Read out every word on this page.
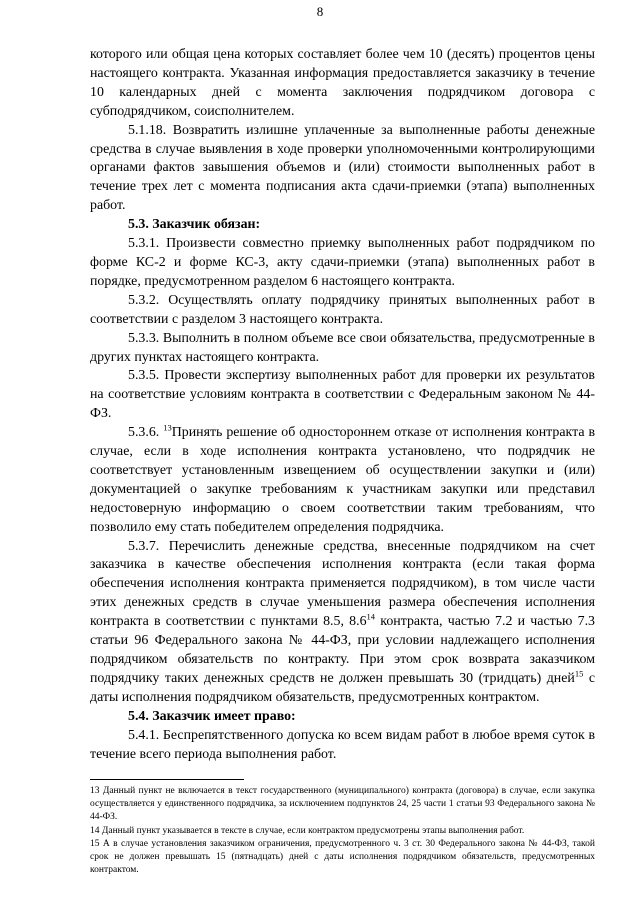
8

которого или общая цена которых составляет более чем 10 (десять) процентов цены настоящего контракта. Указанная информация предоставляется заказчику в течение 10 календарных дней с момента заключения подрядчиком договора с субподрядчиком, соисполнителем.

5.1.18. Возвратить излишне уплаченные за выполненные работы денежные средства в случае выявления в ходе проверки уполномоченными контролирующими органами фактов завышения объемов и (или) стоимости выполненных работ в течение трех лет с момента подписания акта сдачи-приемки (этапа) выполненных работ.

5.3. Заказчик обязан:

5.3.1. Произвести совместно приемку выполненных работ подрядчиком по форме КС-2 и форме КС-3, акту сдачи-приемки (этапа) выполненных работ в порядке, предусмотренном разделом 6 настоящего контракта.

5.3.2. Осуществлять оплату подрядчику принятых выполненных работ в соответствии с разделом 3 настоящего контракта.

5.3.3. Выполнить в полном объеме все свои обязательства, предусмотренные в других пунктах настоящего контракта.

5.3.5. Провести экспертизу выполненных работ для проверки их результатов на соответствие условиям контракта в соответствии с Федеральным законом № 44-ФЗ.

5.3.6. $^{13}$Принять решение об одностороннем отказе от исполнения контракта в случае, если в ходе исполнения контракта установлено, что подрядчик не соответствует установленным извещением об осуществлении закупки и (или) документацией о закупке требованиям к участникам закупки или представил недостоверную информацию о своем соответствии таким требованиям, что позволило ему стать победителем определения подрядчика.

5.3.7. Перечислить денежные средства, внесенные подрядчиком на счет заказчика в качестве обеспечения исполнения контракта (если такая форма обеспечения исполнения контракта применяется подрядчиком), в том числе части этих денежных средств в случае уменьшения размера обеспечения исполнения контракта в соответствии с пунктами 8.5, $8.6^{14}$ контракта, частью 7.2 и частью 7.3 статьи 96 Федерального закона № 44-ФЗ, при условии надлежащего исполнения подрядчиком обязательств по контракту. При этом срок возврата заказчиком подрядчику таких денежных средств не должен превышать 30 (тридцать) дней$^{15}$ с даты исполнения подрядчиком обязательств, предусмотренных контрактом.

5.4. Заказчик имеет право:

5.4.1. Беспрепятственного допуска ко всем видам работ в любое время суток в течение всего периода выполнения работ.

13 Данный пункт не включается в текст государственного (муниципального) контракта (договора) в случае, если закупка осуществляется у единственного подрядчика, за исключением подпунктов 24, 25 части 1 статьи 93 Федерального закона № 44-ФЗ.

14 Данный пункт указывается в тексте в случае, если контрактом предусмотрены этапы выполнения работ.

15 А в случае установления заказчиком ограничения, предусмотренного ч. 3 ст. 30 Федерального закона № 44-ФЗ, такой срок не должен превышать 15 (пятнадцать) дней с даты исполнения подрядчиком обязательств, предусмотренных контрактом.
